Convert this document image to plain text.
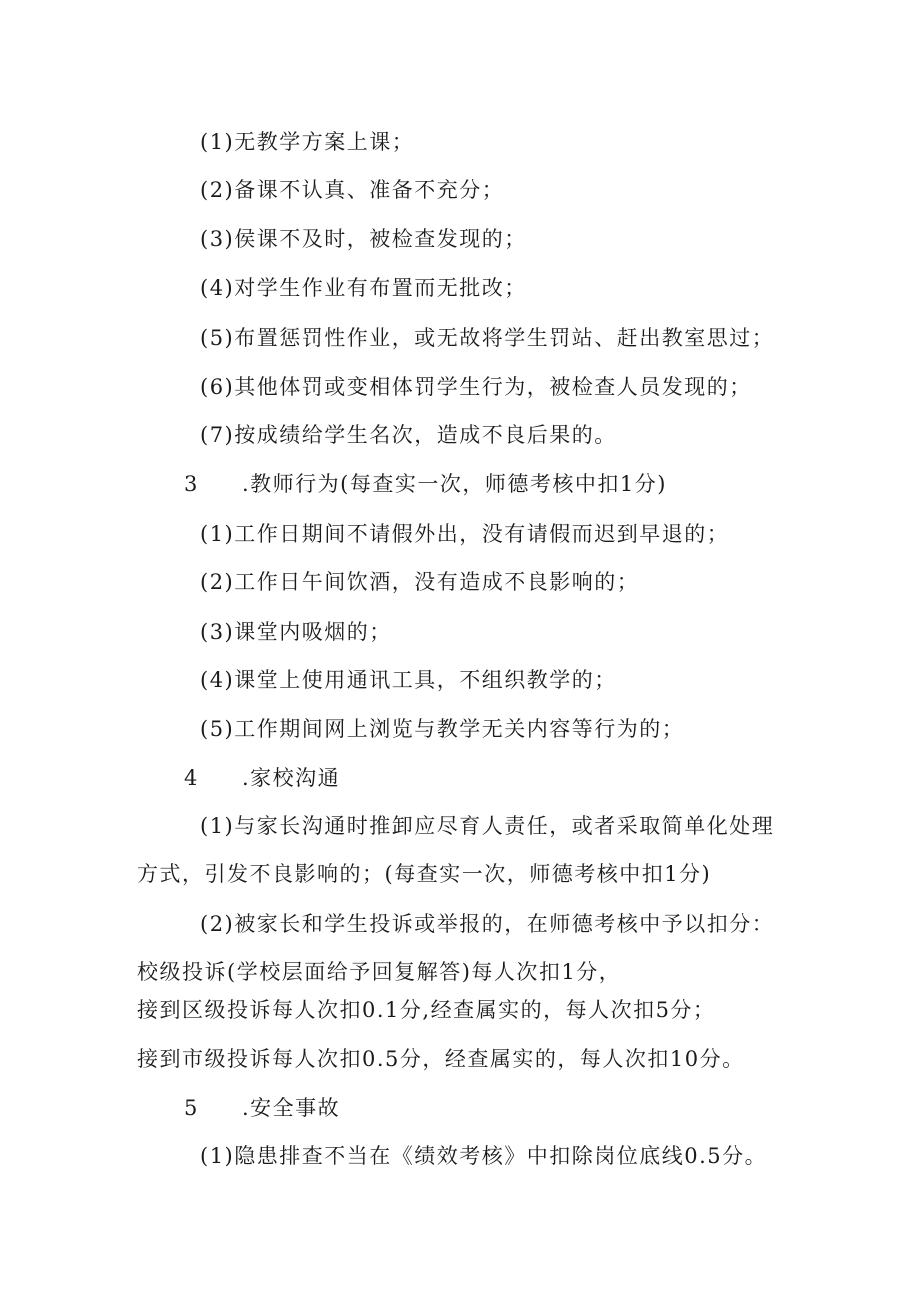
(1)无教学方案上课；
(2)备课不认真、准备不充分；
(3)侯课不及时，被检查发现的；
(4)对学生作业有布置而无批改；
(5)布置惩罚性作业，或无故将学生罚站、赶出教室思过；
(6)其他体罚或变相体罚学生行为，被检查人员发现的；
(7)按成绩给学生名次，造成不良后果的。
3 .教师行为(每查实一次，师德考核中扣1分)
(1)工作日期间不请假外出，没有请假而迟到早退的；
(2)工作日午间饮酒，没有造成不良影响的；
(3)课堂内吸烟的；
(4)课堂上使用通讯工具，不组织教学的；
(5)工作期间网上浏览与教学无关内容等行为的；
4 .家校沟通
(1)与家长沟通时推卸应尽育人责任，或者采取简单化处理
方式，引发不良影响的；(每查实一次，师德考核中扣1分)
(2)被家长和学生投诉或举报的，在师德考核中予以扣分：
校级投诉(学校层面给予回复解答)每人次扣1分，
接到区级投诉每人次扣0.1分,经查属实的，每人次扣5分；
接到市级投诉每人次扣0.5分，经查属实的，每人次扣10分。
5 .安全事故
(1)隐患排查不当在《绩效考核》中扣除岗位底线0.5分。
